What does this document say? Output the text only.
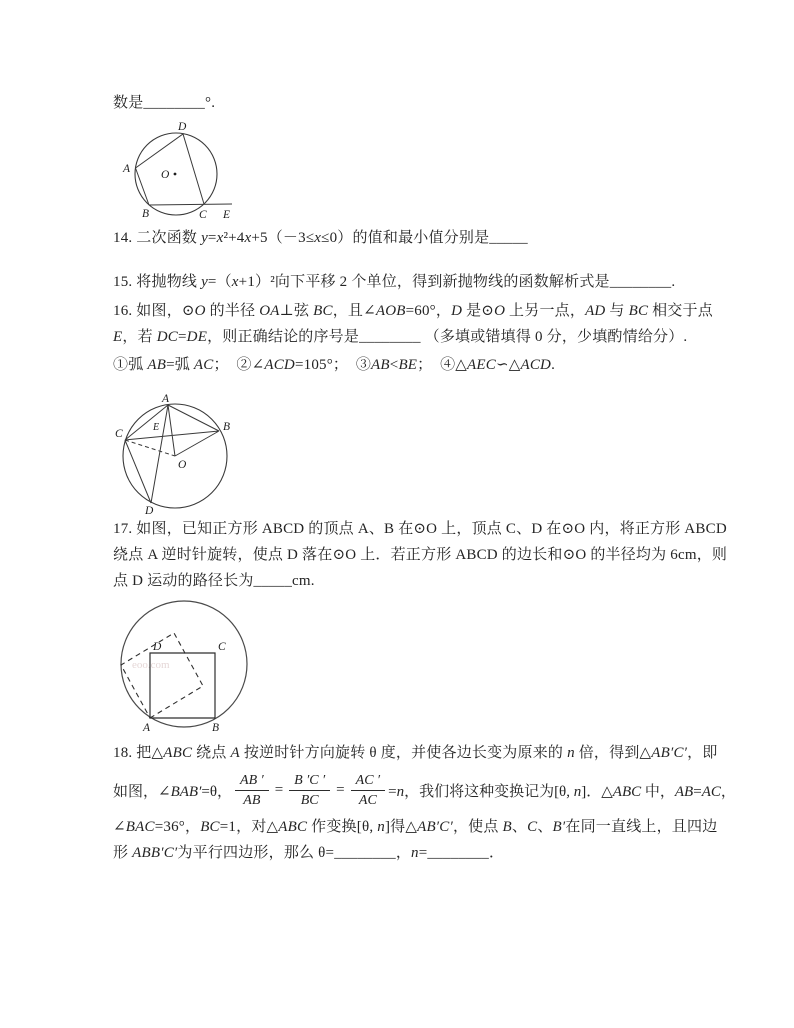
数是________°.
D
A
B	C E
O
14. 二次函数 y=x²+4x+5（－3≤x≤0）的值和最小值分别是_____
15. 将抛物线 y=（x+1）²向下平移 2 个单位，得到新抛物线的函数解析式是________.
16. 如图，⊙O 的半径 OA⊥弦 BC，且∠AOB=60°，D 是⊙O 上另一点，AD 与 BC 相交于点
E，若 DC=DE，则正确结论的序号是________ （多填或错填得 0 分，少填酌情给分）.
①弧 AB=弧 AC；　②∠ACD=105°；　③AB<BE；　④△AEC∽△ACD.
A
B
C
D
O
E
17. 如图，已知正方形 ABCD 的顶点 A、B 在⊙O 上，顶点 C、D 在⊙O 内，将正方形 ABCD
绕点 A 逆时针旋转，使点 D 落在⊙O 上．若正方形 ABCD 的边长和⊙O 的半径均为 6cm，则
点 D 运动的路径长为_____cm.
eoo.com
A	B
C
D
18. 把△ABC 绕点 A 按逆时针方向旋转 θ 度，并使各边长变为原来的 n 倍，得到△AB′C′，即
如图，∠BAB′=θ， $\frac{AB '}{AB} = \frac{B 'C '}{BC} = \frac{AC '}{AC} =n$，我们将这种变换记为[θ, n]．△ABC 中，AB=AC，
∠BAC=36°，BC=1，对△ABC 作变换[θ, n]得△AB′C′，使点 B、C、B′在同一直线上，且四边
形 ABB′C′为平行四边形，那么 θ=________，n=________．
